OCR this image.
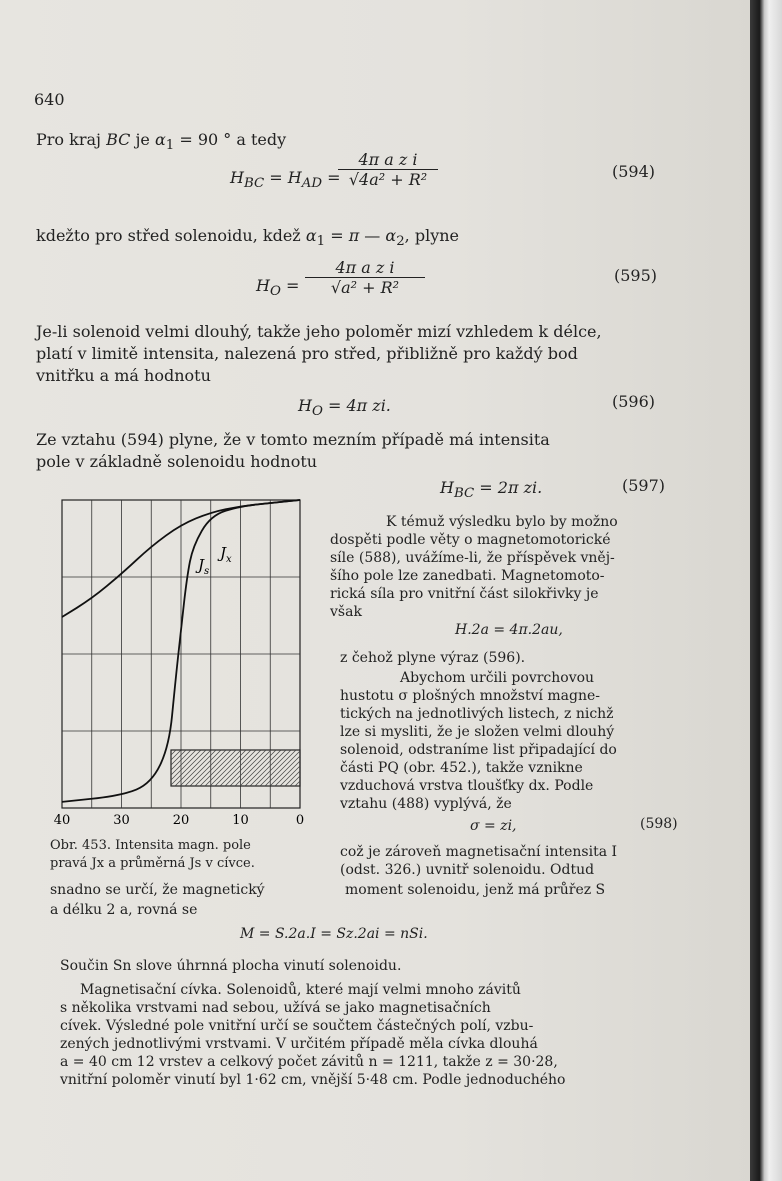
640
Pro kraj BC je $\alpha_1 = 90$ ° a tedy
$H_{BC} = H_{AD}$ =
$\frac{\text{4π a z i}}{\text{√4a² + R²}}$	(594)
kdežto pro střed solenoidu, kdež $\alpha_1 = \pi$ — $\alpha_2$, plyne
$H_O = \frac{\text{4π a z i}}{\text{√a² + R²}}$	(595)
Je-li solenoid velmi dlouhý, takže jeho poloměr mizí vzhledem k délce,
platí v limitě intensita, nalezená pro střed, přibližně pro každý bod
vnitřku a má hodnotu
$H_O = 4\pi$ zi.	(596)
Ze vztahu (594) plyne, že v tomto mezním případě má intensita
pole v základně solenoidu hodnotu
$H_{BC} = 2\pi$ zi.	(597)
40	30	20	10	0
$J_s$
$J_x$
K témuž výsledku bylo by možno
dospěti podle věty o magnetomotorické
síle (588), uvážíme-li, že příspěvek vněj-
šího pole lze zanedbati. Magnetomoto-
rická síla pro vnitřní část silokřivky je
však
H.2a = 4π.2au,
z čehož plyne výraz (596).
Abychom určili povrchovou
hustotu σ plošných množství magne-
tických na jednotlivých listech, z nichž
lze si mysliti, že je složen velmi dlouhý
solenoid, odstraníme list připadající do
části PQ (obr. 452.), takže vznikne
vzduchová vrstva tloušťky dx. Podle
vztahu (488) vyplývá, že
σ = zi,	(598)
Obr. 453. Intensita magn. pole
pravá Jx a průměrná Js v cívce.
což je zároveň magnetisační intensita I
(odst. 326.) uvnitř solenoidu. Odtud
snadno se určí, že magnetický	moment solenoidu, jenž má průřez S
a délku 2 a, rovná se
M = S.2a.I = Sz.2ai = nSi.
Součin Sn slove úhrnná plocha vinutí solenoidu.
Magnetisační cívka. Solenoidů, které mají velmi mnoho závitů
s několika vrstvami nad sebou, užívá se jako magnetisačních
cívek. Výsledné pole vnitřní určí se součtem částečných polí, vzbu-
zených jednotlivými vrstvami. V určitém případě měla cívka dlouhá
a = 40 cm 12 vrstev a celkový počet závitů n = 1211, takže z = 30·28,
vnitřní poloměr vinutí byl 1·62 cm, vnější 5·48 cm. Podle jednoduchého
